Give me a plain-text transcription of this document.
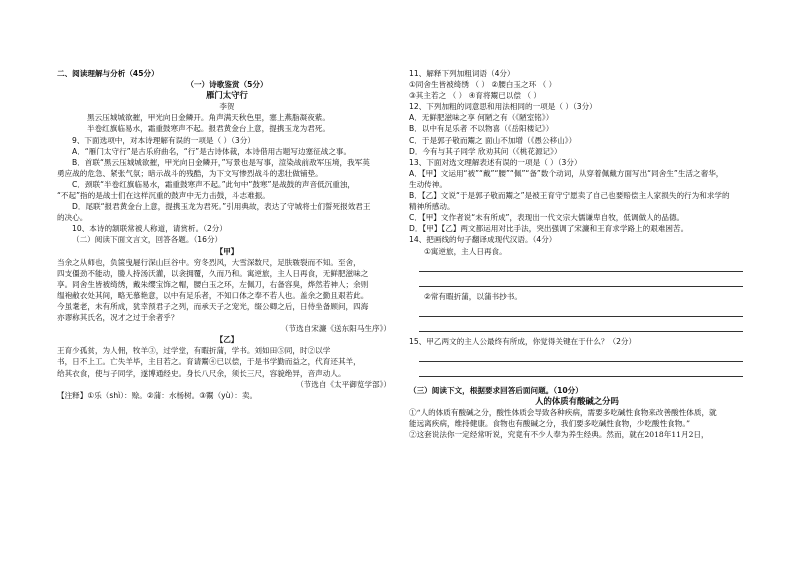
二、阅读理解与分析（45分）
（一）诗歌鉴赏（5分）
雁门太守行
李贺
黑云压城城欲摧，甲光向日金鳞开。角声满天秋色里，塞上燕脂凝夜紫。
半卷红旗临易水，霜重鼓寒声不起。报君黄金台上意，提携玉龙为君死。
9、下面选项中，对本诗理解有误的一项是（ ）（3分）
A．“雁门太守行”是古乐府曲名，“行”是古诗体裁，本诗借用古题写边塞征战之事。
B．首联“黑云压城城欲摧，甲光向日金鳞开，”写景也是写事，渲染战前敌军压境，我军英
勇应战的危急、紧张气氛；暗示战斗的残酷，为下文写惨烈战斗的悲壮做铺垫。
C．颈联“半卷红旗临易水，霜重鼓寒声不起。”此句中“鼓寒”是战鼓的声音低沉重浊，
“不起”指的是战士们在这样沉重的鼓声中无力击鼓，斗志难振。
D．尾联“报君黄金台上意，提携玉龙为君死。”引用典故，表达了守城将士们誓死报效君王
的决心。
10、本诗的颔联常被人称道，请赏析。（2分）
（二）阅读下面文言文，回答各题。（16分）
【甲】
当余之从师也，负箧曳屣行深山巨谷中。穷冬烈风，大雪深数尺，足肤皲裂而不知。至舍，
四支僵劲不能动，媵人持汤沃灌，以衾拥覆，久而乃和。寓逆旅，主人日再食，无鲜肥滋味之
享。同舍生皆被绮绣，戴朱缨宝饰之帽，腰白玉之环，左佩刀，右备容臭，烨然若神人；余则
缊袍敝衣处其间，略无慕艳意，以中有足乐者，不知口体之奉不若人也。盖余之勤且艰若此。
今虽耄老，未有所成，犹幸预君子之列，而承天子之宠光，缀公卿之后，日侍坐备顾问，四海
亦谬称其氏名，况才之过于余者乎？
（节选自宋濂《送东阳马生序》）
【乙】
王育少孤贫，为人佣，牧羊③，过学堂，有暇折蒲，学书。刘如田⑤同，时②以学
书，日不上工。亡失羊毕，主目若之。育请鬻④已以偿，于是书学勤而益之，代育还其羊，
给其衣食，使与子同学，遂博通经史。身长八尺余，须长三尺，容貌绝异，音声动人。
（节选自《太平御览学部》）
【注释】①乐（shì）：赊。②蒲：水杨树。③鬻（yù）：卖。
11、解释下列加粗词语（4分）
①同舍生皆被绮绣 （ ） ②腰白玉之环 （ ）
③其主若之 （ ） ④育将鬻已以偿 （ ）
12、下列加粗的词意思和用法相同的一项是（ ）（3分）
A．无鲜肥滋味之享 何陋之有（《陋室铭》）
B．以中有足乐者 不以物喜（《岳阳楼记》）
C．于是郭子敬而鬻之 面山不加增（《愚公移山》）
D．今有与其子同学 欣劝其问（《桃花源记》）
13、下面对选文理解表述有误的一项是（ ）（3分）
A．【甲】文运用“被”“戴”“腰”“佩”“备”数个动词，从穿着佩戴方面写出“同舍生”生活之奢华，
生动传神。
B．【乙】文说“于是郭子敬而鬻之”是被王育守宁愿卖了自己也要赔偿主人家损失的行为和求学的
精神所感动。
C．【甲】文作者说“未有所成”，表现出一代文宗大儒谦卑自牧，低调做人的品德。
D．【甲】【乙】两文都运用对比手法，突出强调了宋濂和王育求学路上的艰难困苦。
14、把画线的句子翻译成现代汉语。（4分）
①寓逆旅，主人日再食。
②常有暇折蒲，以蒲书抄书。
15、甲乙两文的主人公最终有所成，你觉得关键在于什么？（2分）
（三）阅读下文，根据要求回答后面问题。（10分）
人的体质有酸碱之分吗
①“人的体质有酸碱之分，酸性体质会导致各种疾病，需要多吃碱性食物来改善酸性体质，就
能远离疾病，维持健康。食物也有酸碱之分，我们要多吃碱性食物，少吃酸性食物。”
②这套说法你一定经常听说，究竟有不少人奉为养生经典。然而，就在2018年11月2日，
